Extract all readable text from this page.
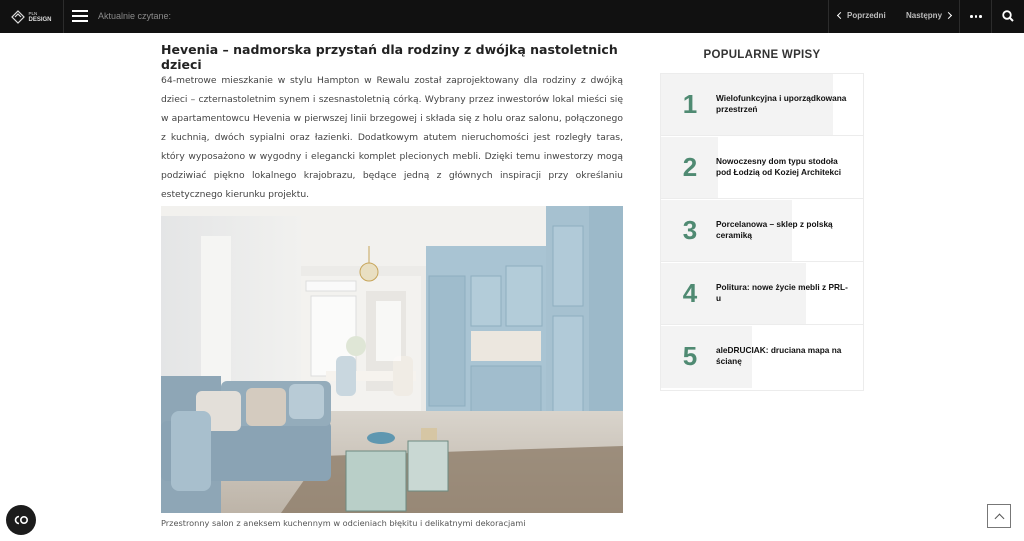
PLN
DESIGN	Aktualnie czytane:	Poprzedni	Następny
Hevenia – nadmorska przystań dla rodziny z dwójką nastoletnich dzieci

64-metrowe mieszkanie w stylu Hampton w Rewalu został zaprojektowany dla rodziny z dwójką dzieci – czternastoletnim synem i szesnastoletnią córką. Wybrany przez inwestorów lokal mieści się w apartamentowcu Hevenia w pierwszej linii brzegowej i składa się z holu oraz salonu, połączonego z kuchnią, dwóch sypialni oraz łazienki. Dodatkowym atutem nieruchomości jest rozległy taras, który wyposażono w wygodny i elegancki komplet plecionych mebli. Dzięki temu inwestorzy mogą podziwiać piękno lokalnego krajobrazu, będące jedną z głównych inspiracji przy określaniu estetycznego kierunku projektu.

Przestronny salon z aneksem kuchennym w odcieniach błękitu i delikatnymi dekoracjami
POPULARNE WPISY
1 Wielofunkcyjna i uporządkowana przestrzeń
2 Nowoczesny dom typu stodoła pod Łodzią od Koziej Architekci
3 Porcelanowa – sklep z polską ceramiką
4 Politura: nowe życie mebli z PRL-u
5 aleDRUCIAK: druciana mapa na ścianę
